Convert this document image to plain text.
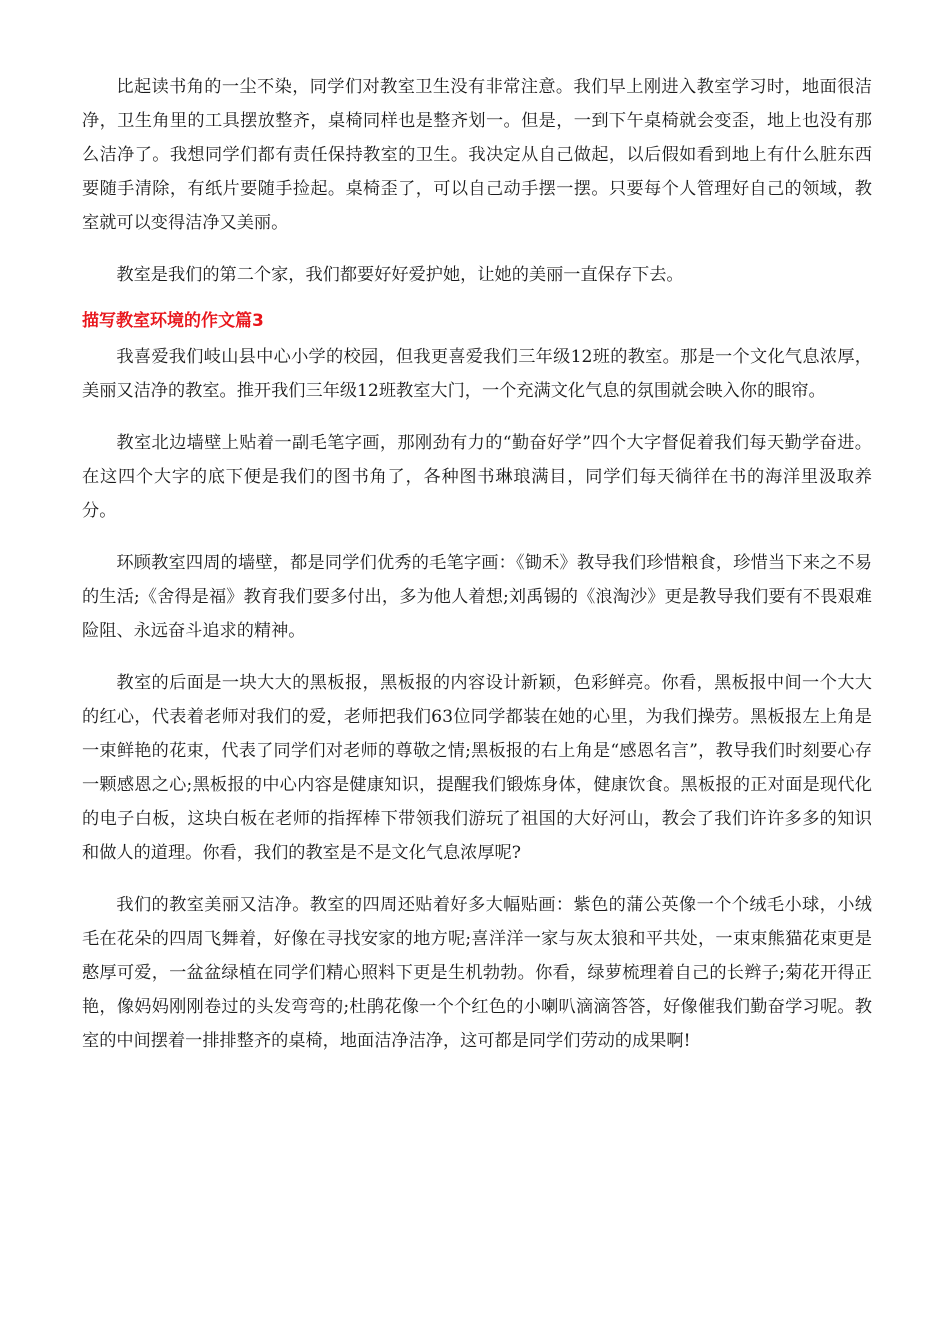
比起读书角的一尘不染，同学们对教室卫生没有非常注意。我们早上刚进入教室学习时，地面很洁净，卫生角里的工具摆放整齐，桌椅同样也是整齐划一。但是，一到下午桌椅就会变歪，地上也没有那么洁净了。我想同学们都有责任保持教室的卫生。我决定从自己做起，以后假如看到地上有什么脏东西要随手清除，有纸片要随手捡起。桌椅歪了，可以自己动手摆一摆。只要每个人管理好自己的领域，教室就可以变得洁净又美丽。

教室是我们的第二个家，我们都要好好爱护她，让她的美丽一直保存下去。

描写教室环境的作文篇3

我喜爱我们岐山县中心小学的校园，但我更喜爱我们三年级12班的教室。那是一个文化气息浓厚，美丽又洁净的教室。推开我们三年级12班教室大门，一个充满文化气息的氛围就会映入你的眼帘。

教室北边墙壁上贴着一副毛笔字画，那刚劲有力的“勤奋好学”四个大字督促着我们每天勤学奋进。在这四个大字的底下便是我们的图书角了，各种图书琳琅满目，同学们每天徜徉在书的海洋里汲取养分。

环顾教室四周的墙壁，都是同学们优秀的毛笔字画：《锄禾》教导我们珍惜粮食，珍惜当下来之不易的生活;《舍得是福》教育我们要多付出，多为他人着想;刘禹锡的《浪淘沙》更是教导我们要有不畏艰难险阻、永远奋斗追求的精神。

教室的后面是一块大大的黑板报，黑板报的内容设计新颖，色彩鲜亮。你看，黑板报中间一个大大的红心，代表着老师对我们的爱，老师把我们63位同学都装在她的心里，为我们操劳。黑板报左上角是一束鲜艳的花束，代表了同学们对老师的尊敬之情;黑板报的右上角是“感恩名言”，教导我们时刻要心存一颗感恩之心;黑板报的中心内容是健康知识，提醒我们锻炼身体，健康饮食。黑板报的正对面是现代化的电子白板，这块白板在老师的指挥棒下带领我们游玩了祖国的大好河山，教会了我们许许多多的知识和做人的道理。你看，我们的教室是不是文化气息浓厚呢?

我们的教室美丽又洁净。教室的四周还贴着好多大幅贴画：紫色的蒲公英像一个个绒毛小球，小绒毛在花朵的四周飞舞着，好像在寻找安家的地方呢;喜洋洋一家与灰太狼和平共处，一束束熊猫花束更是憨厚可爱，一盆盆绿植在同学们精心照料下更是生机勃勃。你看，绿萝梳理着自己的长辫子;菊花开得正艳，像妈妈刚刚卷过的头发弯弯的;杜鹃花像一个个红色的小喇叭滴滴答答，好像催我们勤奋学习呢。教室的中间摆着一排排整齐的桌椅，地面洁净洁净，这可都是同学们劳动的成果啊!
